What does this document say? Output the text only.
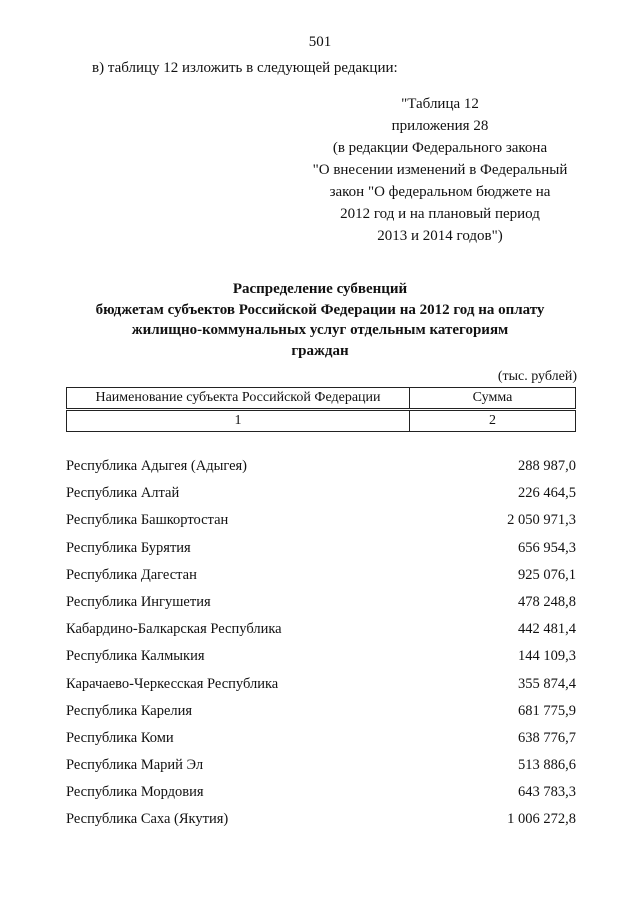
501
в) таблицу 12 изложить в следующей редакции:
"Таблица 12
приложения 28
(в редакции Федерального закона
"О внесении изменений в Федеральный
закон "О федеральном бюджете на
2012 год и на плановый период
2013 и 2014 годов")
Распределение субвенций
бюджетам субъектов Российской Федерации на 2012 год на оплату
жилищно-коммунальных услуг отдельным категориям
граждан
(тыс. рублей)
Наименование субъекта Российской Федерации	Сумма
1	2
Республика Адыгея (Адыгея)	288 987,0
Республика Алтай	226 464,5
Республика Башкортостан	2 050 971,3
Республика Бурятия	656 954,3
Республика Дагестан	925 076,1
Республика Ингушетия	478 248,8
Кабардино-Балкарская Республика	442 481,4
Республика Калмыкия	144 109,3
Карачаево-Черкесская Республика	355 874,4
Республика Карелия	681 775,9
Республика Коми	638 776,7
Республика Марий Эл	513 886,6
Республика Мордовия	643 783,3
Республика Саха (Якутия)	1 006 272,8
